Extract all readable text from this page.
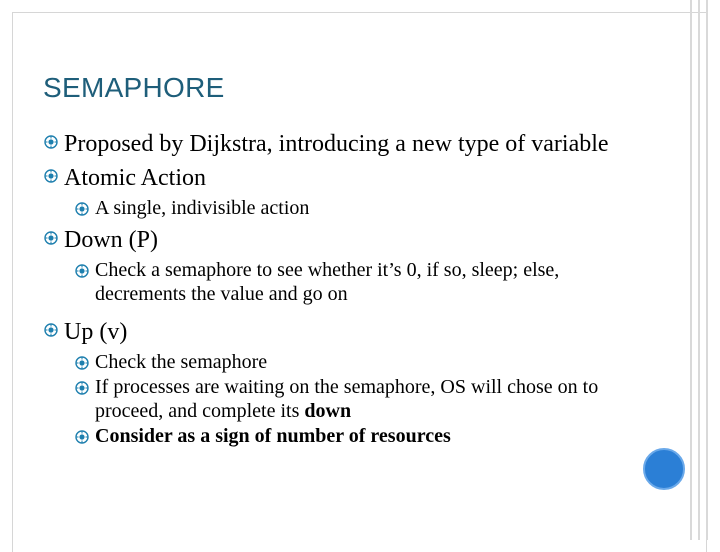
SEMAPHORE
Proposed by Dijkstra, introducing a new type of variable
Atomic Action
A single, indivisible action
Down (P)
Check a semaphore to see whether it’s 0, if so, sleep; else, decrements the value and go on
Up (v)
Check the semaphore
If processes are waiting on the semaphore, OS will chose on to proceed, and complete its down
Consider as a sign of number of resources
